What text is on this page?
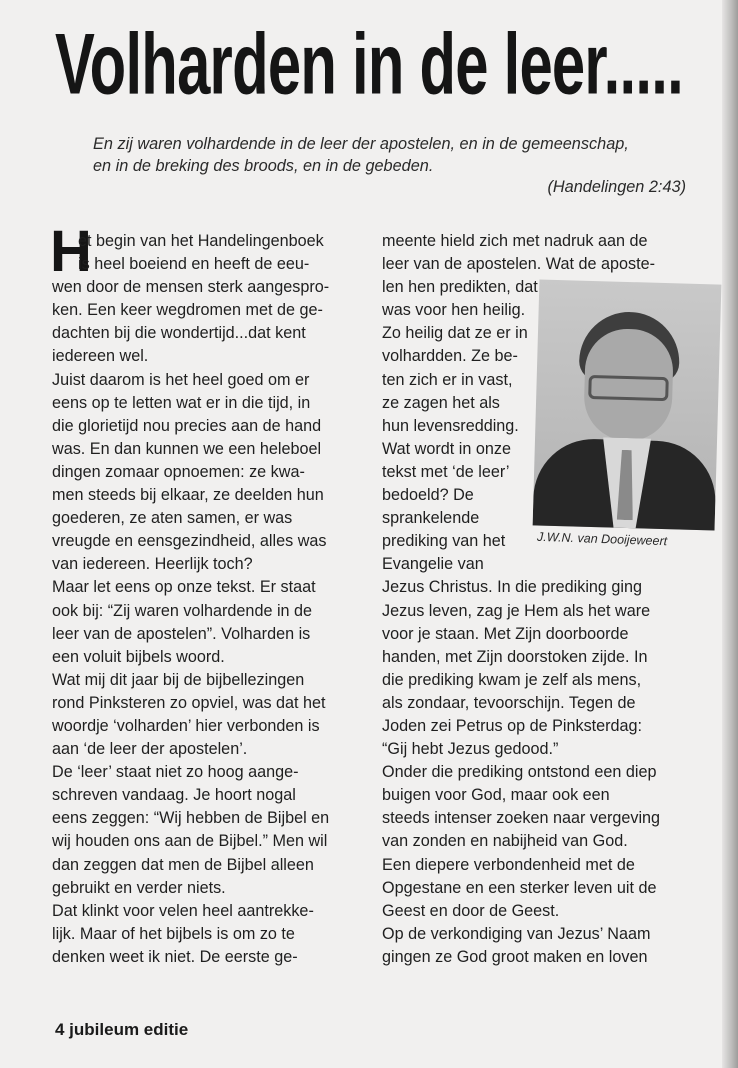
Volharden in de leer.....
En zij waren volhardende in de leer der apostelen, en in de gemeenschap,
en in de breking des broods, en in de gebeden.
(Handelingen 2:43)
H
et begin van het Handelingenboek
is heel boeiend en heeft de eeu-
wen door de mensen sterk aangespro-
ken. Een keer wegdromen met de ge-
dachten bij die wondertijd...dat kent
iedereen wel.
Juist daarom is het heel goed om er
eens op te letten wat er in die tijd, in
die glorietijd nou precies aan de hand
was. En dan kunnen we een heleboel
dingen zomaar opnoemen: ze kwa-
men steeds bij elkaar, ze deelden hun
goederen, ze aten samen, er was
vreugde en eensgezindheid, alles was
van iedereen. Heerlijk toch?
Maar let eens op onze tekst. Er staat
ook bij: “Zij waren volhardende in de
leer van de apostelen”. Volharden is
een voluit bijbels woord.
Wat mij dit jaar bij de bijbellezingen
rond Pinksteren zo opviel, was dat het
woordje ‘volharden’ hier verbonden is
aan ‘de leer der apostelen’.
De ‘leer’ staat niet zo hoog aange-
schreven vandaag. Je hoort nogal
eens zeggen: “Wij hebben de Bijbel en
wij houden ons aan de Bijbel.” Men wil
dan zeggen dat men de Bijbel alleen
gebruikt en verder niets.
Dat klinkt voor velen heel aantrekke-
lijk. Maar of het bijbels is om zo te
denken weet ik niet. De eerste ge-
meente hield zich met nadruk aan de
leer van de apostelen. Wat de aposte-
len hen predikten, dat
was voor hen heilig.
Zo heilig dat ze er in
volhardden. Ze be-
ten zich er in vast,
ze zagen het als
hun levensredding.
Wat wordt in onze
tekst met ‘de leer’
bedoeld? De
sprankelende
prediking van het
Evangelie van
Jezus Christus. In die prediking ging
Jezus leven, zag je Hem als het ware
voor je staan. Met Zijn doorboorde
handen, met Zijn doorstoken zijde. In
die prediking kwam je zelf als mens,
als zondaar, tevoorschijn. Tegen de
Joden zei Petrus op de Pinksterdag:
“Gij hebt Jezus gedood.”
Onder die prediking ontstond een diep
buigen voor God, maar ook een
steeds intenser zoeken naar vergeving
van zonden en nabijheid van God.
Een diepere verbondenheid met de
Opgestane en een sterker leven uit de
Geest en door de Geest.
Op de verkondiging van Jezus’ Naam
gingen ze God groot maken en loven
J.W.N. van Dooijeweert
4 jubileum editie
